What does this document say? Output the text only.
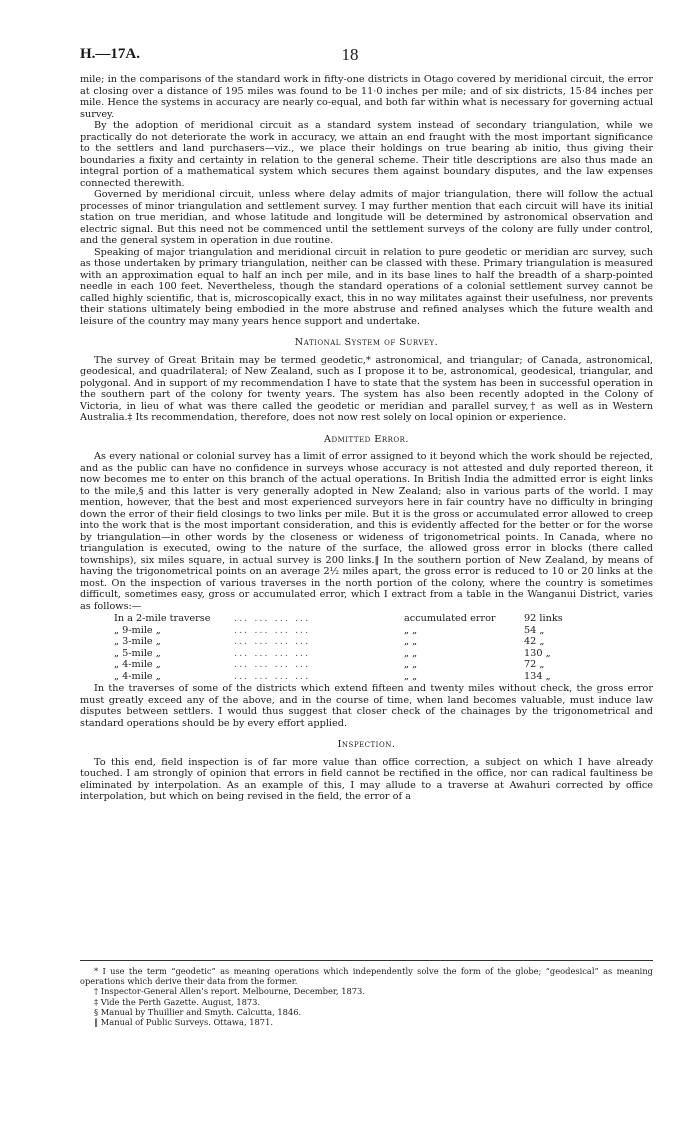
H.—17A.	18

mile; in the comparisons of the standard work in fifty-one districts in Otago covered by meridional circuit, the error at closing over a distance of 195 miles was found to be 11·0 inches per mile; and of six districts, 15·84 inches per mile. Hence the systems in accuracy are nearly co-equal, and both far within what is necessary for governing actual survey.

By the adoption of meridional circuit as a standard system instead of secondary triangulation, while we practically do not deteriorate the work in accuracy, we attain an end fraught with the most important significance to the settlers and land purchasers—viz., we place their holdings on true bearing ab initio, thus giving their boundaries a fixity and certainty in relation to the general scheme. Their title descriptions are also thus made an integral portion of a mathematical system which secures them against boundary disputes, and the law expenses connected therewith.

Governed by meridional circuit, unless where delay admits of major triangulation, there will follow the actual processes of minor triangulation and settlement survey. I may further mention that each circuit will have its initial station on true meridian, and whose latitude and longitude will be determined by astronomical observation and electric signal. But this need not be commenced until the settlement surveys of the colony are fully under control, and the general system in operation in due routine.

Speaking of major triangulation and meridional circuit in relation to pure geodetic or meridian arc survey, such as those undertaken by primary triangulation, neither can be classed with these. Primary triangulation is measured with an approximation equal to half an inch per mile, and in its base lines to half the breadth of a sharp-pointed needle in each 100 feet. Nevertheless, though the standard operations of a colonial settlement survey cannot be called highly scientific, that is, microscopically exact, this in no way militates against their usefulness, nor prevents their stations ultimately being embodied in the more abstruse and refined analyses which the future wealth and leisure of the country may many years hence support and undertake.

National System of Survey.

The survey of Great Britain may be termed geodetic,* astronomical, and triangular; of Canada, astronomical, geodesical, and quadrilateral; of New Zealand, such as I propose it to be, astronomical, geodesical, triangular, and polygonal. And in support of my recommendation I have to state that the system has been in successful operation in the southern part of the colony for twenty years. The system has also been recently adopted in the Colony of Victoria, in lieu of what was there called the geodetic or meridian and parallel survey,† as well as in Western Australia.‡ Its recommendation, therefore, does not now rest solely on local opinion or experience.

Admitted Error.

As every national or colonial survey has a limit of error assigned to it beyond which the work should be rejected, and as the public can have no confidence in surveys whose accuracy is not attested and duly reported thereon, it now becomes me to enter on this branch of the actual operations. In British India the admitted error is eight links to the mile,§ and this latter is very generally adopted in New Zealand; also in various parts of the world. I may mention, however, that the best and most experienced surveyors here in fair country have no difficulty in bringing down the error of their field closings to two links per mile. But it is the gross or accumulated error allowed to creep into the work that is the most important consideration, and this is evidently affected for the better or for the worse by triangulation—in other words by the closeness or wideness of trigonometrical points. In Canada, where no triangulation is executed, owing to the nature of the surface, the allowed gross error in blocks (there called townships), six miles square, in actual survey is 200 links.‖ In the southern portion of New Zealand, by means of having the trigonometrical points on an average 2½ miles apart, the gross error is reduced to 10 or 20 links at the most. On the inspection of various traverses in the north portion of the colony, where the country is sometimes difficult, sometimes easy, gross or accumulated error, which I extract from a table in the Wanganui District, varies as follows:—

In a 2-mile traverse	... ... ... ...	accumulated error	92 links
„ 9-mile „	... ... ... ...	„ „	54 „
„ 3-mile „	... ... ... ...	„ „	42 „
„ 5-mile „	... ... ... ...	„ „	130 „
„ 4-mile „	... ... ... ...	„ „	72 „
„ 4-mile „	... ... ... ...	„ „	134 „

In the traverses of some of the districts which extend fifteen and twenty miles without check, the gross error must greatly exceed any of the above, and in the course of time, when land becomes valuable, must induce law disputes between settlers. I would thus suggest that closer check of the chainages by the trigonometrical and standard operations should be by every effort applied.

Inspection.

To this end, field inspection is of far more value than office correction, a subject on which I have already touched. I am strongly of opinion that errors in field cannot be rectified in the office, nor can radical faultiness be eliminated by interpolation. As an example of this, I may allude to a traverse at Awahuri corrected by office interpolation, but which on being revised in the field, the error of a

* I use the term “geodetic” as meaning operations which independently solve the form of the globe; “geodesical” as meaning operations which derive their data from the former.

† Inspector-General Allen’s report. Melbourne, December, 1873.

‡ Vide the Perth Gazette. August, 1873.

§ Manual by Thuillier and Smyth. Calcutta, 1846.

‖ Manual of Public Surveys. Ottawa, 1871.
